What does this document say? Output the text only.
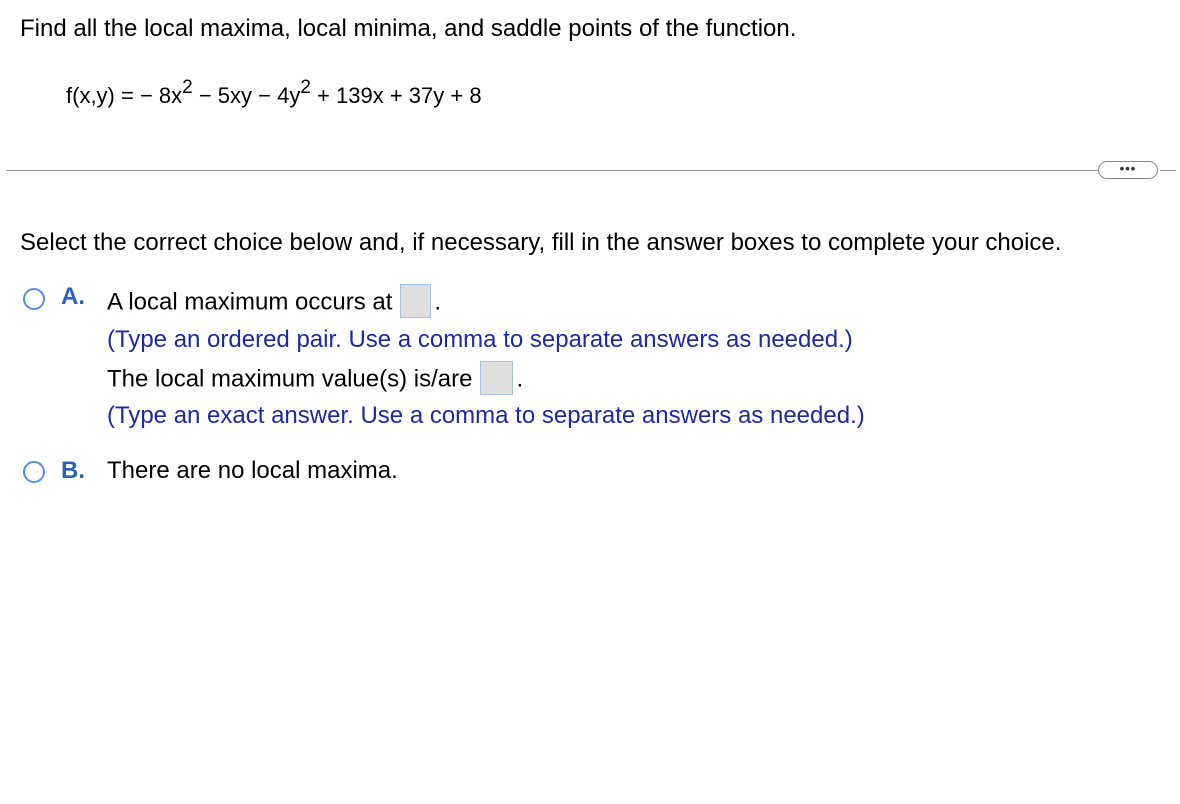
Find all the local maxima, local minima, and saddle points of the function.
f(x,y) = − $8x^2 - 5xy - 4y^2 + 139x + 37y + 8$
•••
Select the correct choice below and, if necessary, fill in the answer boxes to complete your choice.
A. A local maximum occurs at .
(Type an ordered pair. Use a comma to separate answers as needed.)
The local maximum value(s) is/are .
(Type an exact answer. Use a comma to separate answers as needed.)
B. There are no local maxima.
